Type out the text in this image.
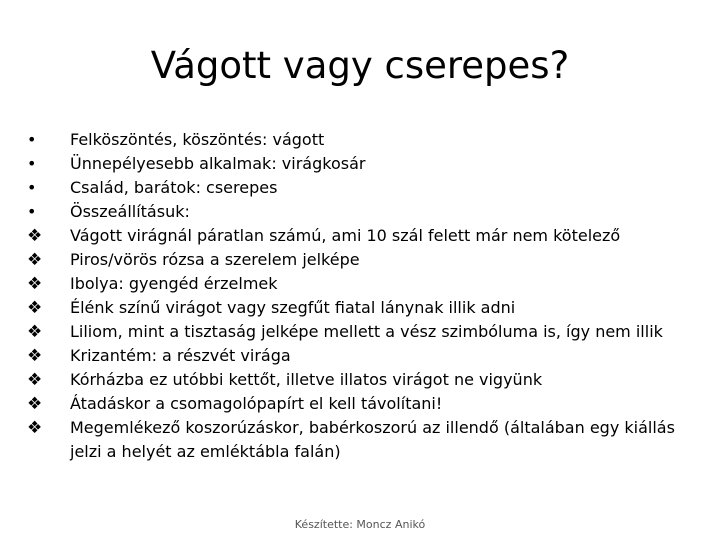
Vágott vagy cserepes?
•	Felköszöntés, köszöntés: vágott
•	Ünnepélyesebb alkalmak: virágkosár
•	Család, barátok: cserepes
•	Összeállításuk:
❖	Vágott virágnál páratlan számú, ami 10 szál felett már nem kötelező
❖	Piros/vörös rózsa a szerelem jelképe
❖	Ibolya: gyengéd érzelmek
❖	Élénk színű virágot vagy szegfűt fiatal lánynak illik adni
❖	Liliom, mint a tisztaság jelképe mellett a vész szimbóluma is, így nem illik
❖	Krizantém: a részvét virága
❖	Kórházba ez utóbbi kettőt, illetve illatos virágot ne vigyünk
❖	Átadáskor a csomagolópapírt el kell távolítani!
❖	Megemlékező koszorúzáskor, babérkoszorú az illendő (általában egy kiállás jelzi a helyét az emléktábla falán)
Készítette: Moncz Anikó
